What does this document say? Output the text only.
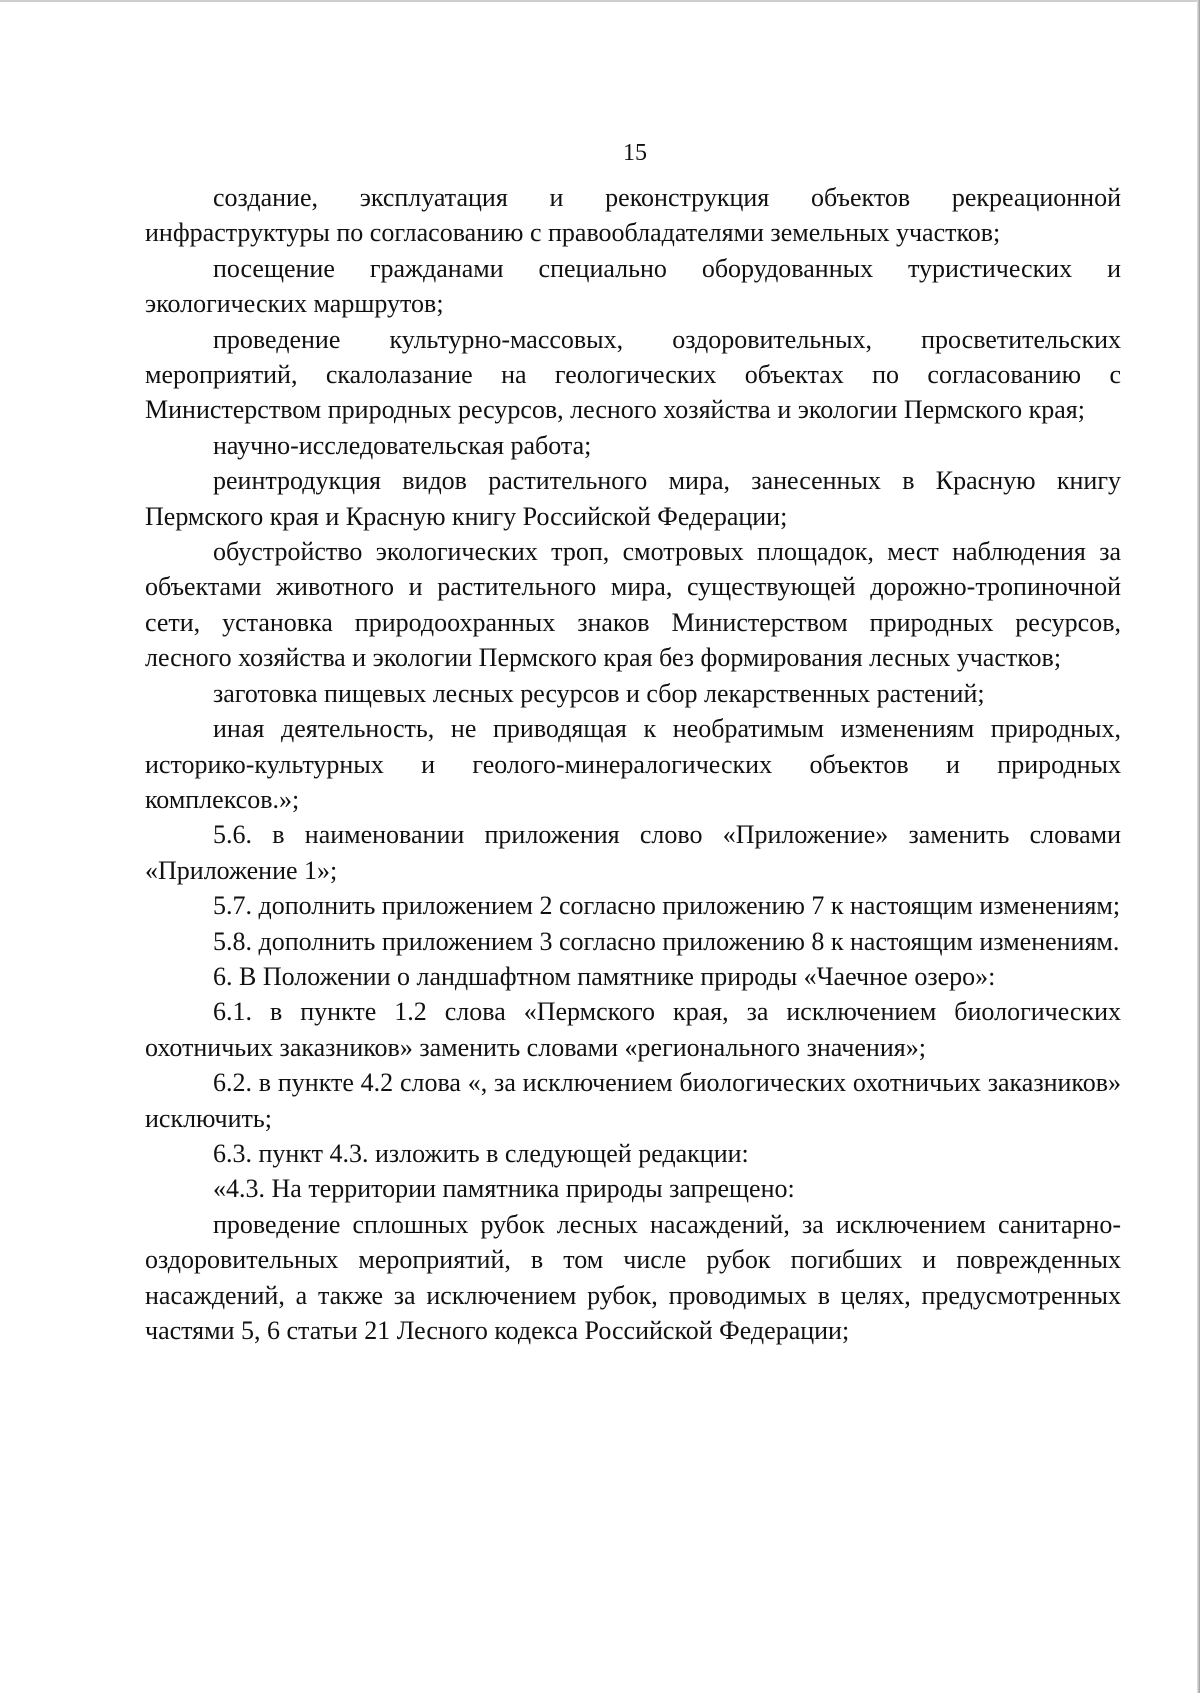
15

создание, эксплуатация и реконструкция объектов рекреационной инфраструктуры по согласованию с правообладателями земельных участков;

посещение гражданами специально оборудованных туристических и экологических маршрутов;

проведение культурно-массовых, оздоровительных, просветительских мероприятий, скалолазание на геологических объектах по согласованию с Министерством природных ресурсов, лесного хозяйства и экологии Пермского края;

научно-исследовательская работа;

реинтродукция видов растительного мира, занесенных в Красную книгу Пермского края и Красную книгу Российской Федерации;

обустройство экологических троп, смотровых площадок, мест наблюдения за объектами животного и растительного мира, существующей дорожно-тропиночной сети, установка природоохранных знаков Министерством природных ресурсов, лесного хозяйства и экологии Пермского края без формирования лесных участков;

заготовка пищевых лесных ресурсов и сбор лекарственных растений;

иная деятельность, не приводящая к необратимым изменениям природных, историко-культурных и геолого-минералогических объектов и природных комплексов.»;

5.6. в наименовании приложения слово «Приложение» заменить словами «Приложение 1»;

5.7. дополнить приложением 2 согласно приложению 7 к настоящим изменениям;

5.8. дополнить приложением 3 согласно приложению 8 к настоящим изменениям.

6. В Положении о ландшафтном памятнике природы «Чаечное озеро»:

6.1. в пункте 1.2 слова «Пермского края, за исключением биологических охотничьих заказников» заменить словами «регионального значения»;

6.2. в пункте 4.2 слова «, за исключением биологических охотничьих заказников» исключить;

6.3. пункт 4.3. изложить в следующей редакции:

«4.3. На территории памятника природы запрещено:

проведение сплошных рубок лесных насаждений, за исключением санитарно-оздоровительных мероприятий, в том числе рубок погибших и поврежденных насаждений, а также за исключением рубок, проводимых в целях, предусмотренных частями 5, 6 статьи 21 Лесного кодекса Российской Федерации;
